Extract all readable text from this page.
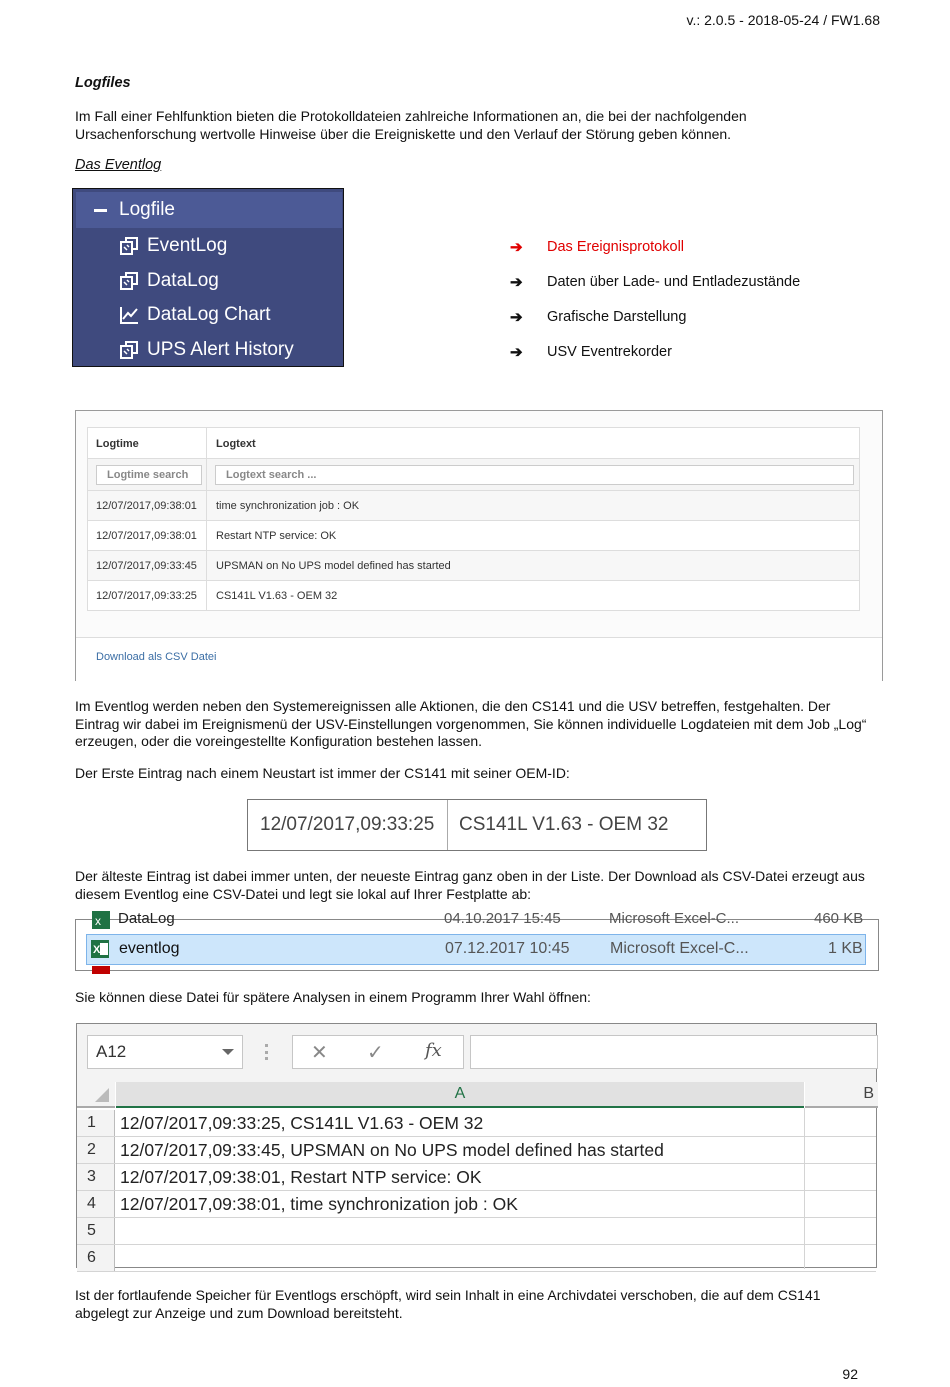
v.: 2.0.5 - 2018-05-24 / FW1.68
Logfiles
Im Fall einer Fehlfunktion bieten die Protokolldateien zahlreiche Informationen an, die bei der nachfolgenden
Ursachenforschung wertvolle Hinweise über die Ereigniskette und den Verlauf der Störung geben können.
Das Eventlog
Logfile
EventLog
DataLog
DataLog Chart
UPS Alert History
➔	Das Ereignisprotokoll
➔	Daten über Lade- und Entladezustände
➔	Grafische Darstellung
➔	USV Eventrekorder
Logtime	Logtext
Logtime search	Logtext search ...
12/07/2017,09:38:01 time synchronization job : OK
12/07/2017,09:38:01 Restart NTP service: OK
12/07/2017,09:33:45 UPSMAN on No UPS model defined has started
12/07/2017,09:33:25 CS141L V1.63 - OEM 32
Download als CSV Datei
Im Eventlog werden neben den Systemereignissen alle Aktionen, die den CS141 und die USV betreffen, festgehalten. Der
Eintrag wir dabei im Ereignismenü der USV-Einstellungen vorgenommen, Sie können individuelle Logdateien mit dem Job „Log“
erzeugen, oder die voreingestellte Konfiguration bestehen lassen.
Der Erste Eintrag nach einem Neustart ist immer der CS141 mit seiner OEM-ID:
12/07/2017,09:33:25 CS141L V1.63 - OEM 32
Der älteste Eintrag ist dabei immer unten, der neueste Eintrag ganz oben in der Liste. Der Download als CSV-Datei erzeugt aus
diesem Eventlog eine CSV-Datei und legt sie lokal auf Ihrer Festplatte ab:
x DataLog	04.10.2017 15:45	Microsoft Excel-C...	460 KB
X eventlog	07.12.2017 10:45	Microsoft Excel-C...	1 KB
Sie können diese Datei für spätere Analysen in einem Programm Ihrer Wahl öffnen:
A12	✕ ✓ fx
A	B
1	12/07/2017,09:33:25, CS141L V1.63 - OEM 32
2	12/07/2017,09:33:45, UPSMAN on No UPS model defined has started
3	12/07/2017,09:38:01, Restart NTP service: OK
4	12/07/2017,09:38:01, time synchronization job : OK
5
6
Ist der fortlaufende Speicher für Eventlogs erschöpft, wird sein Inhalt in eine Archivdatei verschoben, die auf dem CS141
abgelegt zur Anzeige und zum Download bereitsteht.
92
